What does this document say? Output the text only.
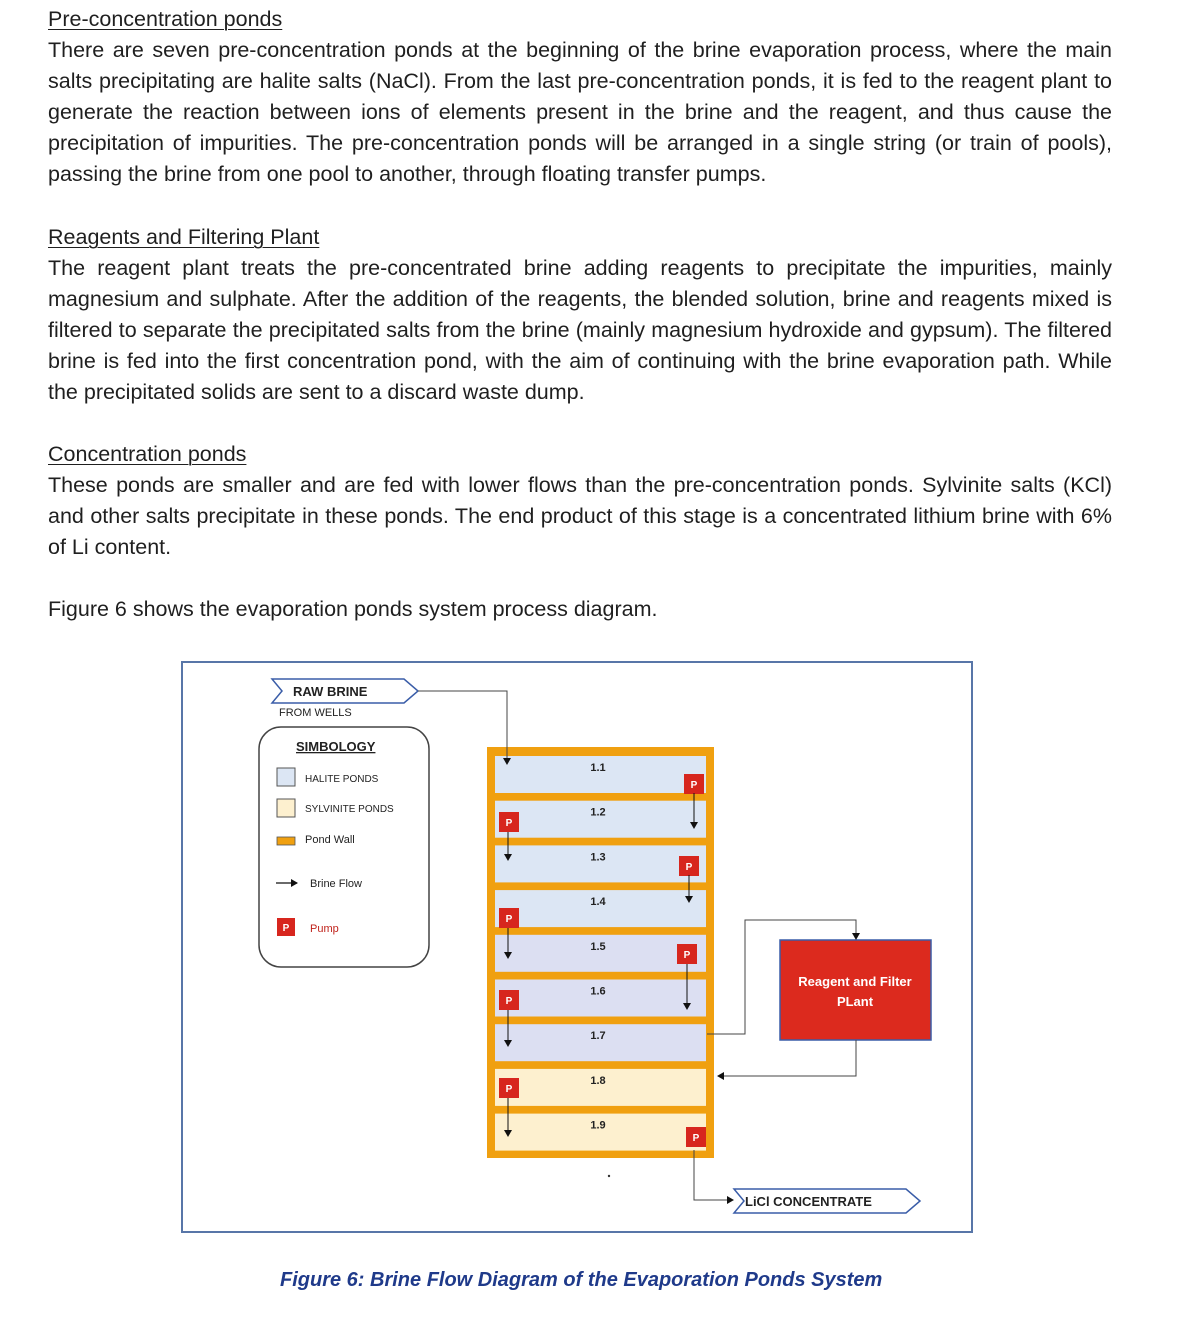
Pre-concentration ponds

There are seven pre-concentration ponds at the beginning of the brine evaporation process, where the main salts precipitating are halite salts (NaCl). From the last pre-concentration ponds, it is fed to the reagent plant to generate the reaction between ions of elements present in the brine and the reagent, and thus cause the precipitation of impurities. The pre-concentration ponds will be arranged in a single string (or train of pools), passing the brine from one pool to another, through floating transfer pumps.

Reagents and Filtering Plant

The reagent plant treats the pre-concentrated brine adding reagents to precipitate the impurities, mainly magnesium and sulphate. After the addition of the reagents, the blended solution, brine and reagents mixed is filtered to separate the precipitated salts from the brine (mainly magnesium hydroxide and gypsum). The filtered brine is fed into the first concentration pond, with the aim of continuing with the brine evaporation path. While the precipitated solids are sent to a discard waste dump.

Concentration ponds

These ponds are smaller and are fed with lower flows than the pre-concentration ponds. Sylvinite salts (KCl) and other salts precipitate in these ponds. The end product of this stage is a concentrated lithium brine with 6% of Li content.

Figure 6 shows the evaporation ponds system process diagram.
RAW BRINE
FROM WELLS
SIMBOLOGY
HALITE PONDS
SYLVINITE PONDS
Pond Wall
Brine Flow
P Pump
1.1
1.2
1.3
1.4
1.5
1.6
1.7
1.8
1.9
P
P
P
P
P
P
P
P
Reagent and Filter
PLant
LiCl CONCENTRATE
Figure 6: Brine Flow Diagram of the Evaporation Ponds System
